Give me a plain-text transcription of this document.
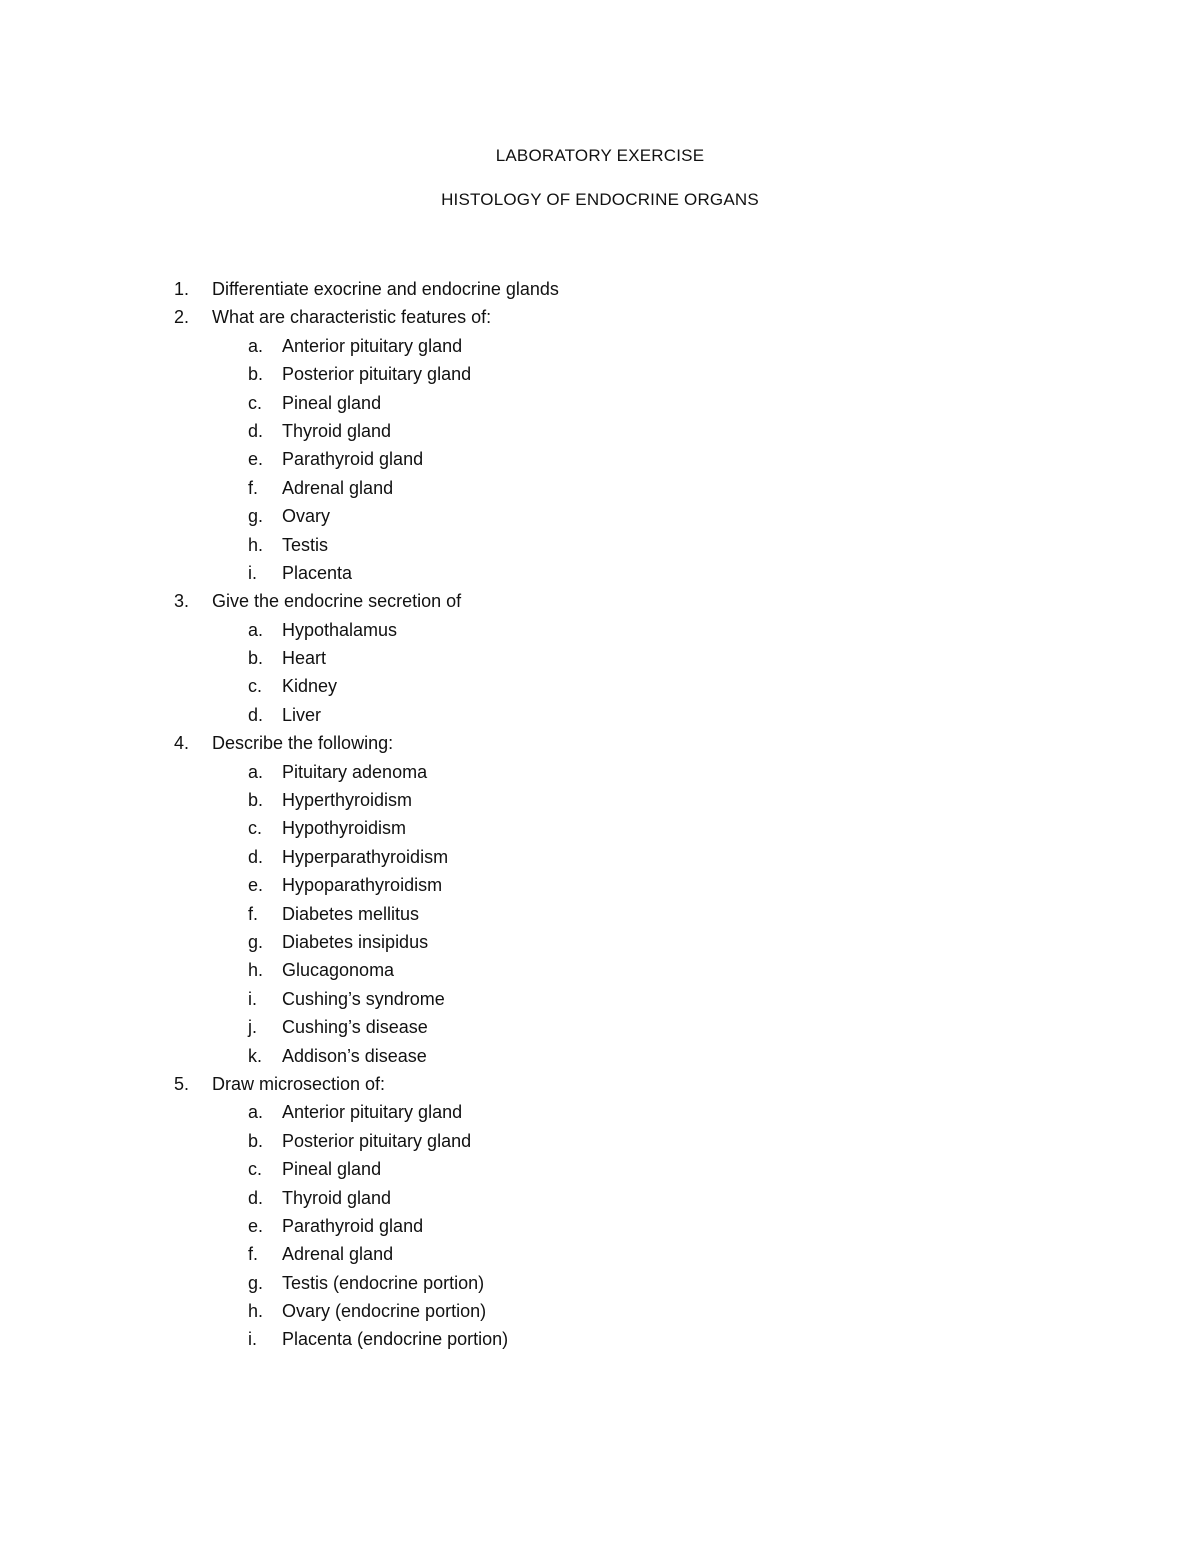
LABORATORY EXERCISE
HISTOLOGY OF ENDOCRINE ORGANS
1. Differentiate exocrine and endocrine glands
2. What are characteristic features of:
a. Anterior pituitary gland
b. Posterior pituitary gland
c. Pineal gland
d. Thyroid gland
e. Parathyroid gland
f. Adrenal gland
g. Ovary
h. Testis
i. Placenta
3. Give the endocrine secretion of
a. Hypothalamus
b. Heart
c. Kidney
d. Liver
4. Describe the following:
a. Pituitary adenoma
b. Hyperthyroidism
c. Hypothyroidism
d. Hyperparathyroidism
e. Hypoparathyroidism
f. Diabetes mellitus
g. Diabetes insipidus
h. Glucagonoma
i. Cushing’s syndrome
j. Cushing’s disease
k. Addison’s disease
5. Draw microsection of:
a. Anterior pituitary gland
b. Posterior pituitary gland
c. Pineal gland
d. Thyroid gland
e. Parathyroid gland
f. Adrenal gland
g. Testis (endocrine portion)
h. Ovary (endocrine portion)
i. Placenta (endocrine portion)
